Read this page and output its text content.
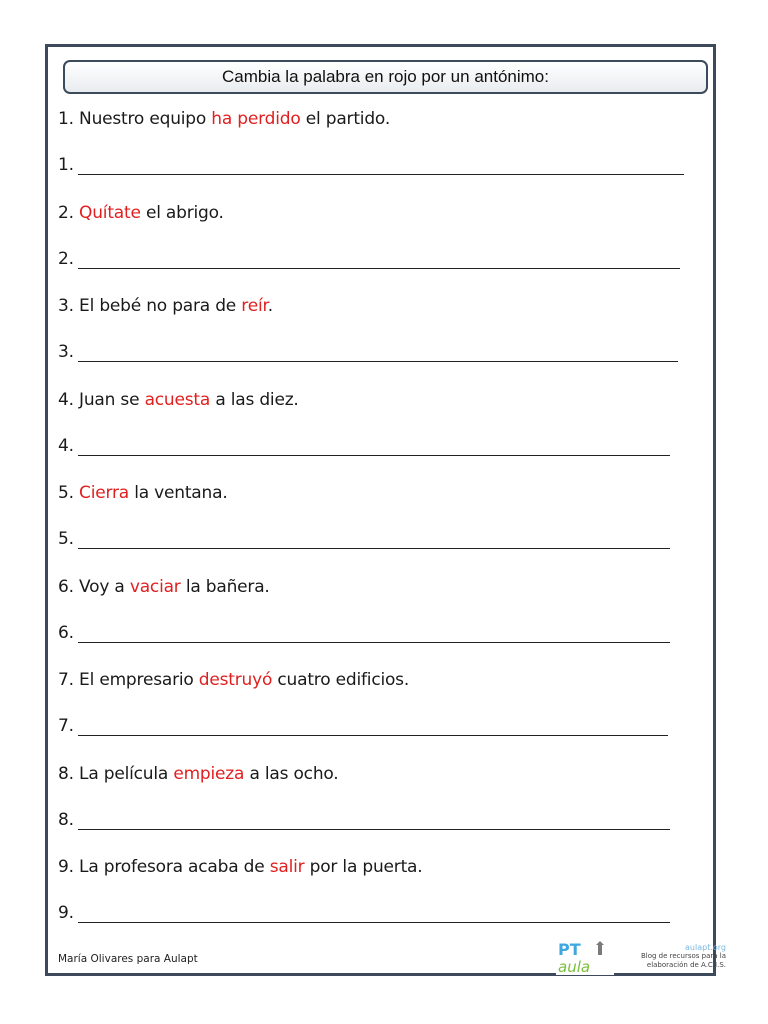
Cambia la palabra en rojo por un antónimo:
1. Nuestro equipo ha perdido el partido.
1.
2. Quítate el abrigo.
2.
3. El bebé no para de reír.
3.
4. Juan se acuesta a las diez.
4.
5. Cierra la ventana.
5.
6. Voy a vaciar la bañera.
6.
7. El empresario destruyó cuatro edificios.
7.
8. La película empieza a las ocho.
8.
9. La profesora acaba de salir por la puerta.
9.
María Olivares para Aulapt	PT
aula
aulapt.org
Blog de recursos para la elaboración de A.C.I.S.
